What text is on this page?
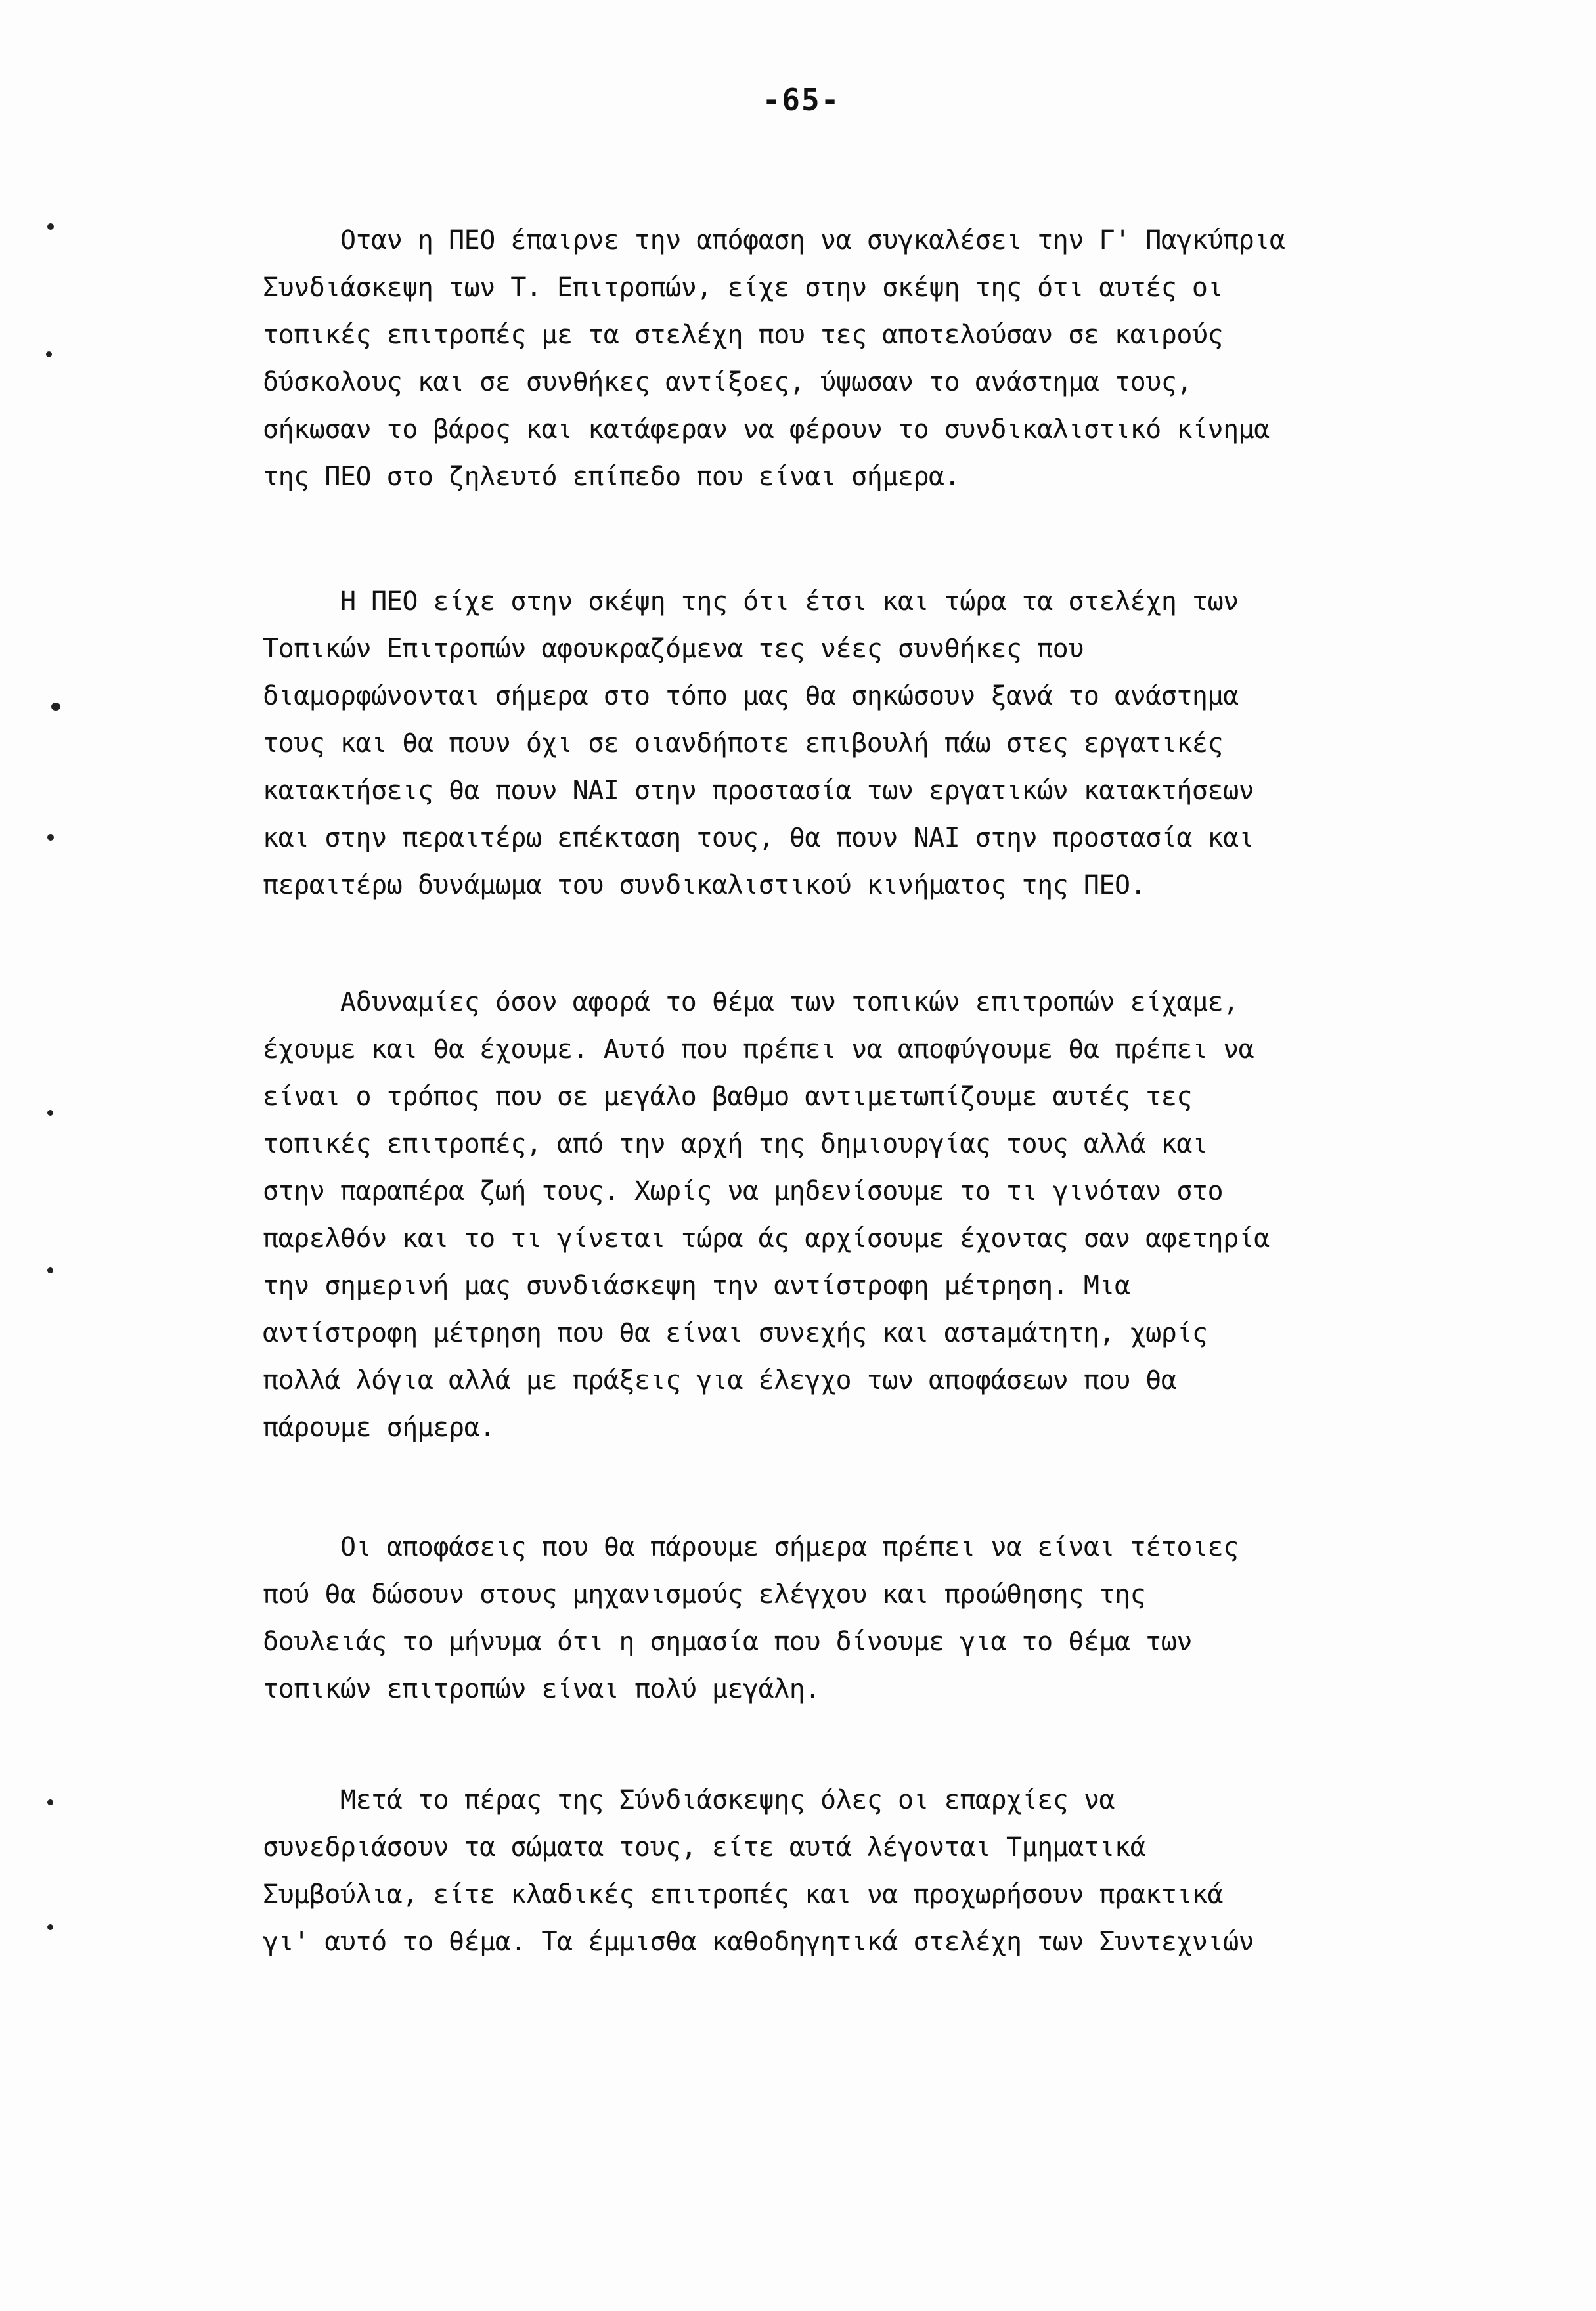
-65-
Οταν η ΠΕΟ έπαιρνε την απόφαση να συγκαλέσει την Γ' Παγκύπρια
Συνδιάσκεψη των Τ. Επιτροπών, είχε στην σκέψη της ότι αυτές οι
τοπικές επιτροπές με τα στελέχη που τες αποτελούσαν σε καιρούς
δύσκολους και σε συνθήκες αντίξοες, ύψωσαν το ανάστημα τους,
σήκωσαν το βάρος και κατάφεραν να φέρουν το συνδικαλιστικό κίνημα
της ΠΕΟ στο ζηλευτό επίπεδο που είναι σήμερα.
Η ΠΕΟ είχε στην σκέψη της ότι έτσι και τώρα τα στελέχη των
Τοπικών Επιτροπών αφουκραζόμενα τες νέες συνθήκες που
διαμορφώνονται σήμερα στο τόπο μας θα σηκώσουν ξανά το ανάστημα
τους και θα πουν όχι σε οιανδήποτε επιβουλή πάω στες εργατικές
κατακτήσεις θα πουν ΝΑΙ στην προστασία των εργατικών κατακτήσεων
και στην περαιτέρω επέκταση τους, θα πουν ΝΑΙ στην προστασία και
περαιτέρω δυνάμωμα του συνδικαλιστικού κινήματος της ΠΕΟ.
Αδυναμίες όσον αφορά το θέμα των τοπικών επιτροπών είχαμε,
έχουμε και θα έχουμε. Αυτό που πρέπει να αποφύγουμε θα πρέπει να
είναι ο τρόπος που σε μεγάλο βαθμο αντιμετωπίζουμε αυτές τες
τοπικές επιτροπές, από την αρχή της δημιουργίας τους αλλά και
στην παραπέρα ζωή τους. Χωρίς να μηδενίσουμε το τι γινόταν στο
παρελθόν και το τι γίνεται τώρα άς αρχίσουμε έχοντας σαν αφετηρία
την σημερινή μας συνδιάσκεψη την αντίστροφη μέτρηση. Μια
αντίστροφη μέτρηση που θα είναι συνεχής και αστaμάτητη, χωρίς
πολλά λόγια αλλά με πράξεις για έλεγχο των αποφάσεων που θα
πάρουμε σήμερα.
Οι αποφάσεις που θα πάρουμε σήμερα πρέπει να είναι τέτοιες
πού θα δώσουν στους μηχανισμούς ελέγχου και προώθησης της
δουλειάς το μήνυμα ότι η σημασία που δίνουμε για το θέμα των
τοπικών επιτροπών είναι πολύ μεγάλη.
Μετά το πέρας της Σύνδιάσκεψης όλες οι επαρχίες να
συνεδριάσουν τα σώματα τους, είτε αυτά λέγονται Τμηματικά
Συμβούλια, είτε κλαδικές επιτροπές και να προχωρήσουν πρακτικά
γι' αυτό το θέμα. Τα έμμισθα καθοδηγητικά στελέχη των Συντεχνιών
